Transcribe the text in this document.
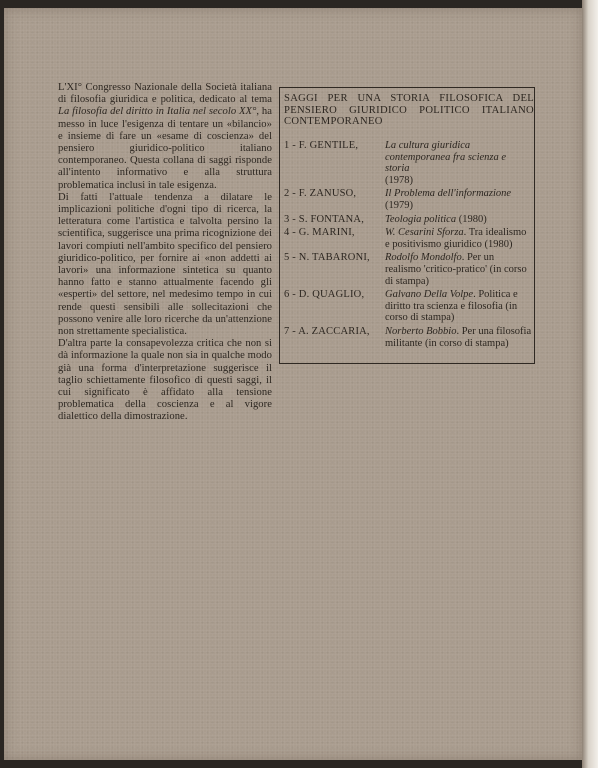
L'XI° Congresso Nazionale della Società italiana di filosofia giuridica e politica, dedicato al tema La filosofia del diritto in Italia nel secolo XX°, ha messo in luce l'esigenza di tentare un «bilancio» e insieme di fare un «esame di coscienza» del pensiero giuridico-politico italiano contemporaneo. Questa collana di saggi risponde all'intento informativo e alla struttura problematica inclusi in tale esigenza.

Di fatti l'attuale tendenza a dilatare le implicazioni politiche d'ogni tipo di ricerca, la letteratura come l'artistica e talvolta persino la scientifica, suggerisce una prima ricognizione dei lavori compiuti nell'ambito specifico del pensiero giuridico-politico, per fornire ai «non addetti ai lavori» una informazione sintetica su quanto hanno fatto e stanno attualmente facendo gli «esperti» del settore, nel medesimo tempo in cui rende questi sensibili alle sollecitazioni che possono venire alle loro ricerche da un'attenzione non strettamente specialistica.

D'altra parte la consapevolezza critica che non si dà informazione la quale non sia in qualche modo già una forma d'interpretazione suggerisce il taglio schiettamente filosofico di questi saggi, il cui significato è affidato alla tensione problematica della coscienza e al vigore dialettico della dimostrazione.

SAGGI PER UNA STORIA FILOSOFICA DEL PENSIERO GIURIDICO POLITICO ITALIANO CONTEMPORANEO
1 - F. GENTILE,	La cultura giuridica contemporanea fra scienza e storia
(1978)
2 - F. ZANUSO,	Il Problema dell'informazione
(1979)
3 - S. FONTANA,	Teologia politica (1980)
4 - G. MARINI,	W. Cesarini Sforza. Tra idealismo e positivismo giuridico (1980)
5 - N. TABARONI,	Rodolfo Mondolfo. Per un realismo 'critico-pratico' (in corso di stampa)
6 - D. QUAGLIO,	Galvano Della Volpe. Politica e diritto tra scienza e filosofia (in corso di stampa)
7 - A. ZACCARIA,	Norberto Bobbio. Per una filosofia militante (in corso di stampa)
